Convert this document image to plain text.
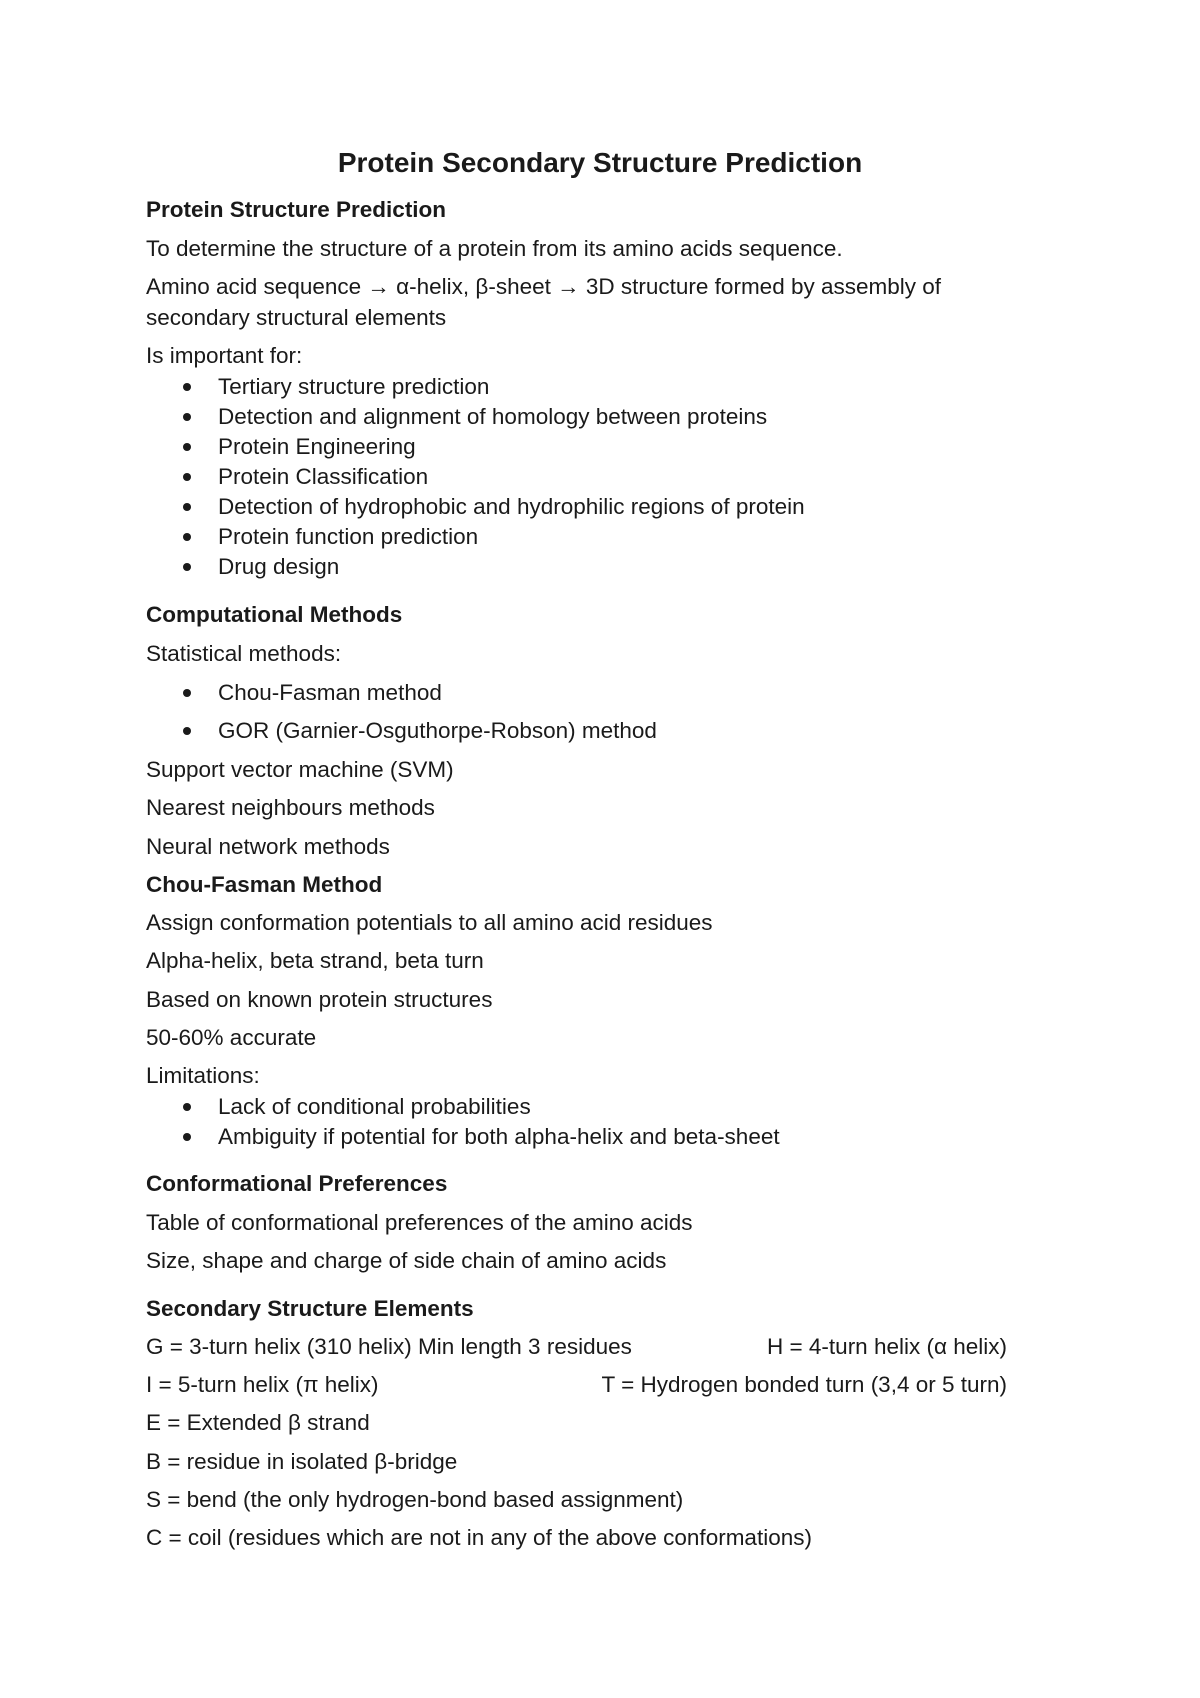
Protein Secondary Structure Prediction

Protein Structure Prediction

To determine the structure of a protein from its amino acids sequence.

Amino acid sequence → α-helix, β-sheet → 3D structure formed by assembly of

secondary structural elements

Is important for:

Tertiary structure prediction
Detection and alignment of homology between proteins
Protein Engineering
Protein Classification
Detection of hydrophobic and hydrophilic regions of protein
Protein function prediction
Drug design

Computational Methods

Statistical methods:

Chou-Fasman method
GOR (Garnier-Osguthorpe-Robson) method

Support vector machine (SVM)

Nearest neighbours methods

Neural network methods

Chou-Fasman Method

Assign conformation potentials to all amino acid residues

Alpha-helix, beta strand, beta turn

Based on known protein structures

50-60% accurate

Limitations:

Lack of conditional probabilities
Ambiguity if potential for both alpha-helix and beta-sheet

Conformational Preferences

Table of conformational preferences of the amino acids

Size, shape and charge of side chain of amino acids

Secondary Structure Elements

G = 3-turn helix (310 helix) Min length 3 residues	H = 4-turn helix (α helix)

I = 5-turn helix (π helix)	T = Hydrogen bonded turn (3,4 or 5 turn)

E = Extended β strand

B = residue in isolated β-bridge

S = bend (the only hydrogen-bond based assignment)

C = coil (residues which are not in any of the above conformations)
